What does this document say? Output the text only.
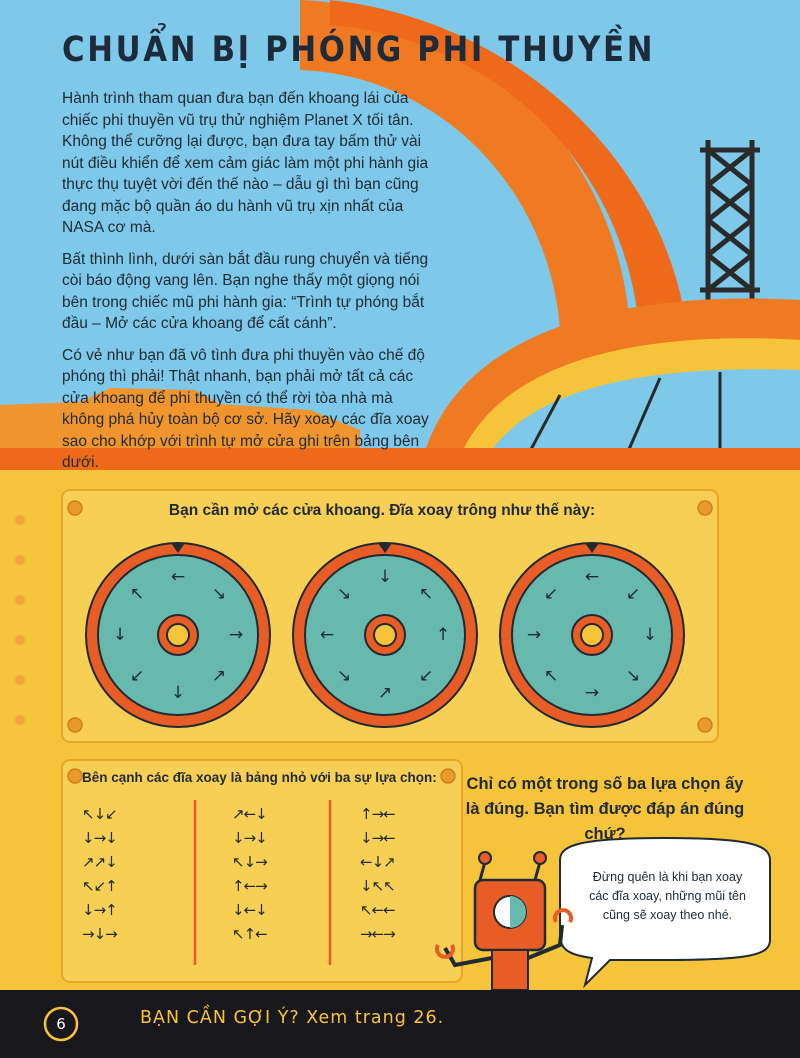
←
↘
→
↗
↓
↙
↓
↖
↓
↖
↑
↙
↗
↘
←
↘
←
↙
↓
↘
→
↖
→
↙
CHUẨN BỊ PHÓNG PHI THUYỀN

Hành trình tham quan đưa bạn đến khoang lái của chiếc phi thuyền vũ trụ thử nghiệm Planet X tối tân. Không thể cưỡng lại được, bạn đưa tay bấm thử vài nút điều khiển để xem cảm giác làm một phi hành gia thực thụ tuyệt vời đến thế nào – dẫu gì thì bạn cũng đang mặc bộ quần áo du hành vũ trụ xịn nhất của NASA cơ mà.

Bất thình lình, dưới sàn bắt đầu rung chuyển và tiếng còi báo động vang lên. Bạn nghe thấy một giọng nói bên trong chiếc mũ phi hành gia: “Trình tự phóng bắt đầu – Mở các cửa khoang để cất cánh”.

Có vẻ như bạn đã vô tình đưa phi thuyền vào chế độ phóng thì phải! Thật nhanh, bạn phải mở tất cả các cửa khoang để phi thuyền có thể rời tòa nhà mà không phá hủy toàn bộ cơ sở. Hãy xoay các đĩa xoay sao cho khớp với trình tự mở cửa ghi trên bảng bên dưới.

Bạn cần mở các cửa khoang. Đĩa xoay trông như thế này:

Bên cạnh các đĩa xoay là bảng nhỏ với ba sự lựa chọn:

↖↓↙
↓→↓
↗↗↓
↖↙↑
↓→↑
→↓→
↗←↓
↓→↓
↖↓→
↑←→
↓←↓
↖↑←
↑→←
↓→←
←↓↗
↓↖↖
↖←←
→←→

Chỉ có một trong số ba lựa chọn ấy là đúng. Bạn tìm được đáp án đúng chứ?

Đừng quên là khi bạn xoay các đĩa xoay, những mũi tên cũng sẽ xoay theo nhé.

6	BẠN CẦN GỢI Ý? Xem trang 26.
